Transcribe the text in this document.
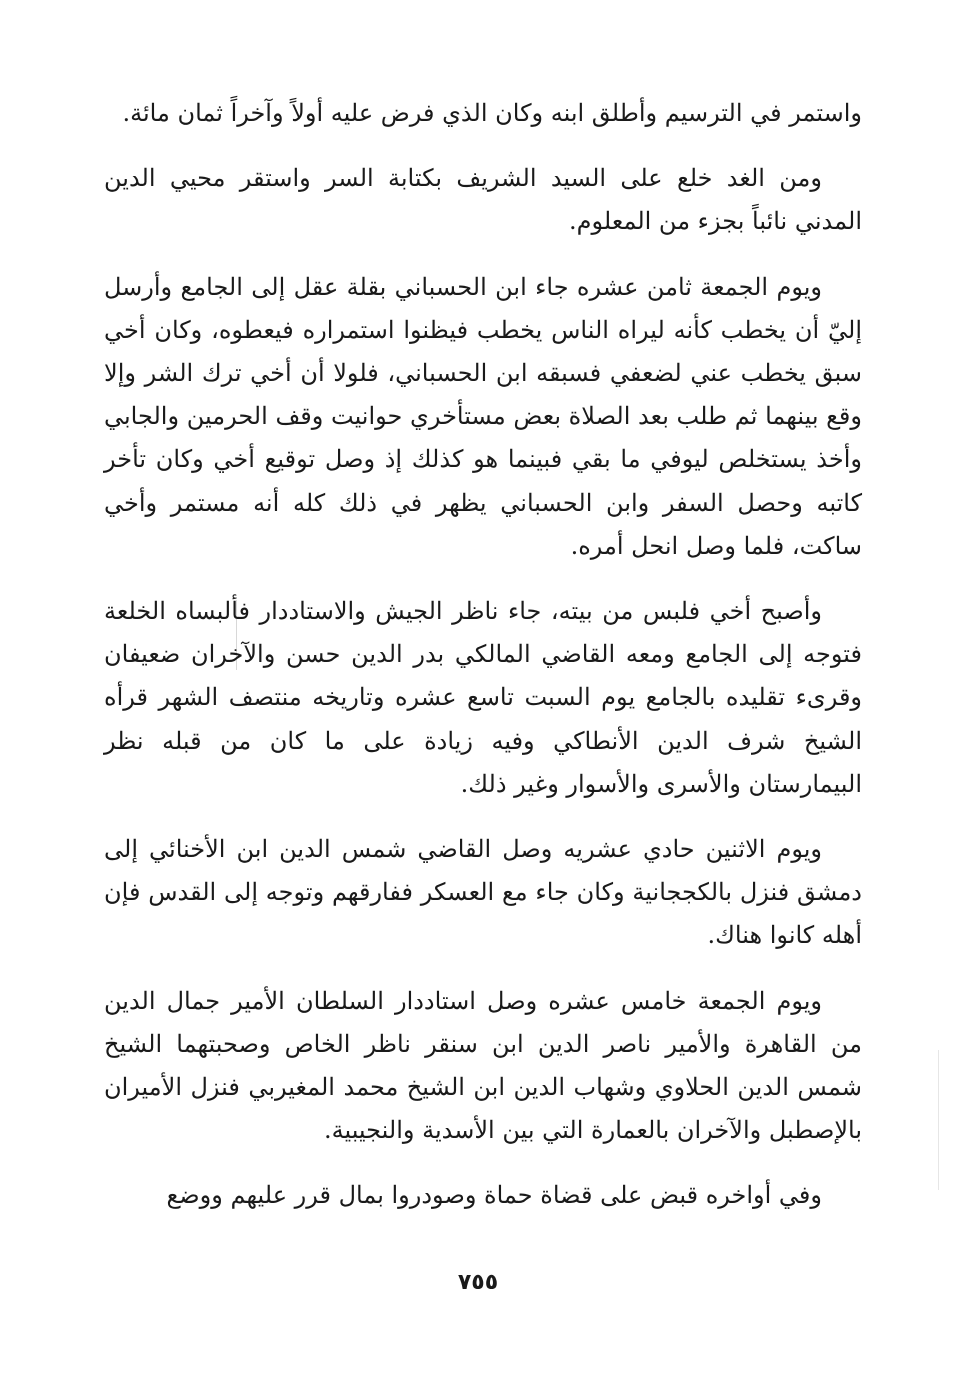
واستمر في الترسيم وأطلق ابنه وكان الذي فرض عليه أولاً وآخراً ثمان مائة.

ومن الغد خلع على السيد الشريف بكتابة السر واستقر محيي الدين المدني نائباً بجزء من المعلوم.

ويوم الجمعة ثامن عشره جاء ابن الحسباني بقلة عقل إلى الجامع وأرسل إليّ أن يخطب كأنه ليراه الناس يخطب فيظنوا استمراره فيعطوه، وكان أخي سبق يخطب عني لضعفي فسبقه ابن الحسباني، فلولا أن أخي ترك الشر وإلا وقع بينهما ثم طلب بعد الصلاة بعض مستأخري حوانيت وقف الحرمين والجابي وأخذ يستخلص ليوفي ما بقي فبينما هو كذلك إذ وصل توقيع أخي وكان تأخر كاتبه وحصل السفر وابن الحسباني يظهر في ذلك كله أنه مستمر وأخي ساكت، فلما وصل انحل أمره.

وأصبح أخي فلبس من بيته، جاء ناظر الجيش والاستاددار فألبساه الخلعة فتوجه إلى الجامع ومعه القاضي المالكي بدر الدين حسن والآخران ضعيفان وقرىء تقليده بالجامع يوم السبت تاسع عشره وتاريخه منتصف الشهر قرأه الشيخ شرف الدين الأنطاكي وفيه زيادة على ما كان من قبله نظر البيمارستان والأسرى والأسوار وغير ذلك.

ويوم الاثنين حادي عشريه وصل القاضي شمس الدين ابن الأخنائي إلى دمشق فنزل بالكججانية وكان جاء مع العسكر ففارقهم وتوجه إلى القدس فإن أهله كانوا هناك.

ويوم الجمعة خامس عشره وصل استاددار السلطان الأمير جمال الدين من القاهرة والأمير ناصر الدين ابن سنقر ناظر الخاص وصحبتهما الشيخ شمس الدين الحلاوي وشهاب الدين ابن الشيخ محمد المغيربي فنزل الأميران بالإصطبل والآخران بالعمارة التي بين الأسدية والنجيبية.

وفي أواخره قبض على قضاة حماة وصودروا بمال قرر عليهم ووضع

٧٥٥
